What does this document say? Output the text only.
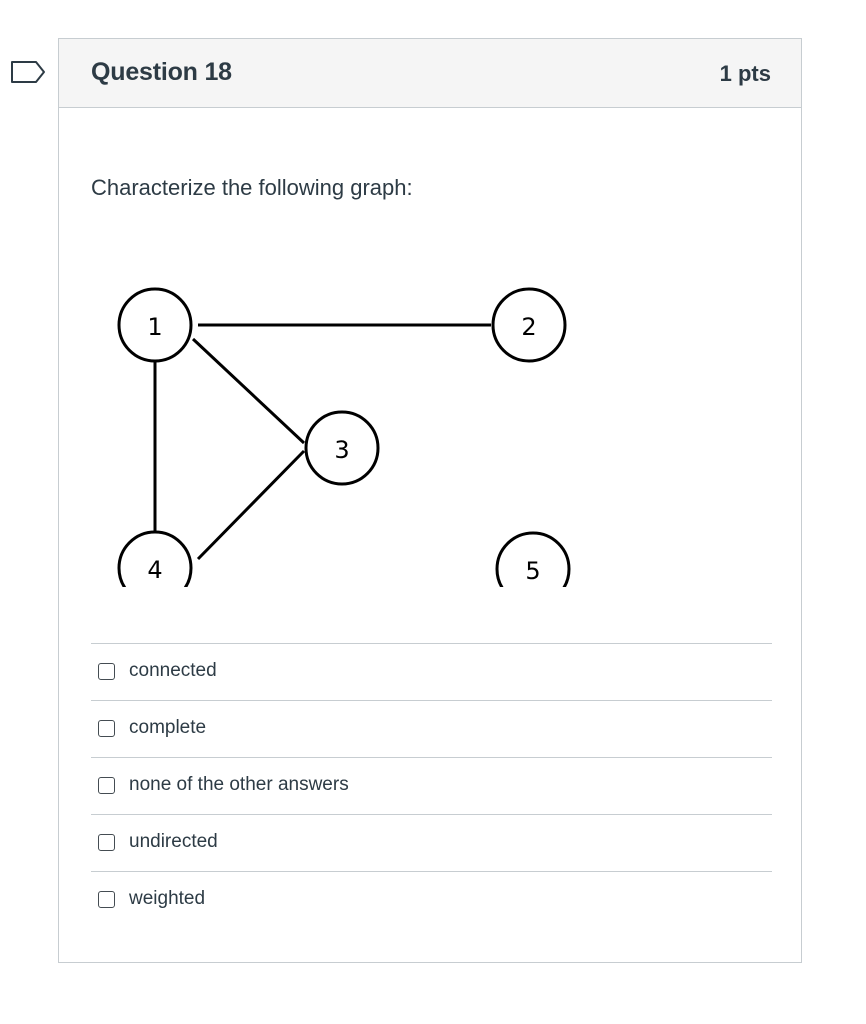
Question 18	1 pts
Characterize the following graph:
1	2
3
4	5
connected
complete
none of the other answers
undirected
weighted
